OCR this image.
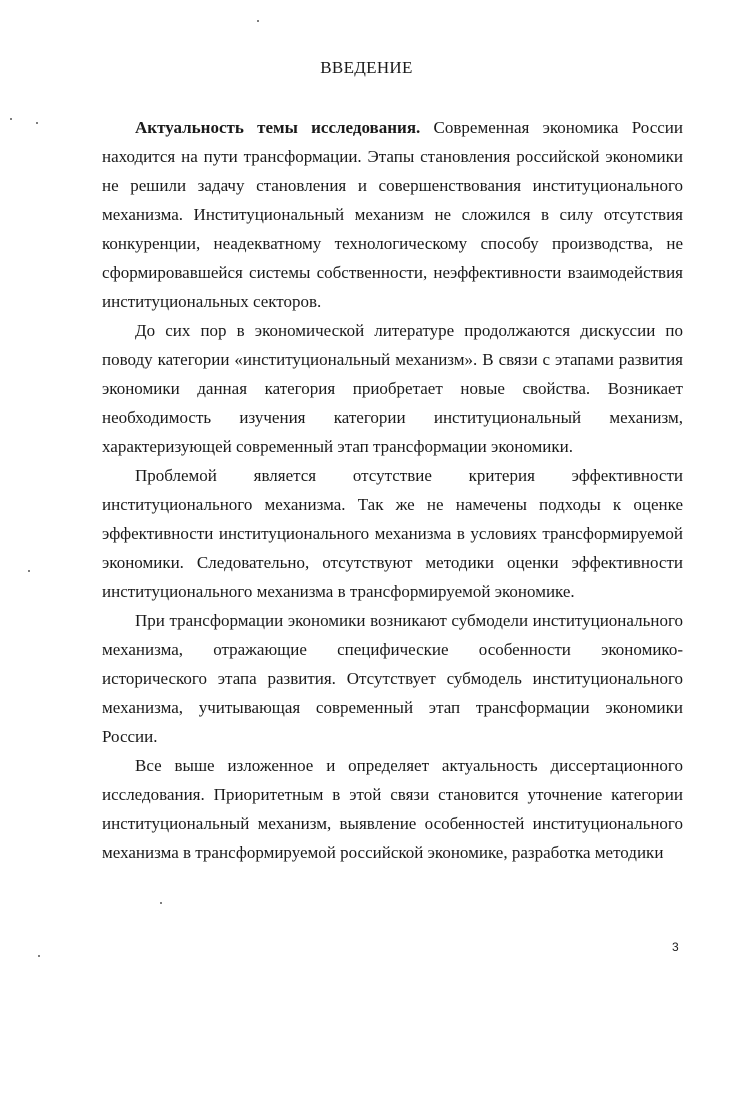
ВВЕДЕНИЕ

Актуальность темы исследования. Современная экономика России находится на пути трансформации. Этапы становления российской экономики не решили задачу становления и совершенствования институционального механизма. Институциональный механизм не сложился в силу отсутствия конкуренции, неадекватному технологическому способу производства, не сформировавшейся системы собственности, неэффективности взаимодействия институциональных секторов.

До сих пор в экономической литературе продолжаются дискуссии по поводу категории «институциональный механизм». В связи с этапами развития экономики данная категория приобретает новые свойства. Возникает необходимость изучения категории институциональный механизм, характеризующей современный этап трансформации экономики.

Проблемой является отсутствие критерия эффективности институционального механизма. Так же не намечены подходы к оценке эффективности институционального механизма в условиях трансформируемой экономики. Следовательно, отсутствуют методики оценки эффективности институционального механизма в трансформируемой экономике.

При трансформации экономики возникают субмодели институционального механизма, отражающие специфические особенности экономико-исторического этапа развития. Отсутствует субмодель институционального механизма, учитывающая современный этап трансформации экономики России.

Все выше изложенное и определяет актуальность диссертационного исследования. Приоритетным в этой связи становится уточнение категории институциональный механизм, выявление особенностей институционального механизма в трансформируемой российской экономике, разработка методики

3
